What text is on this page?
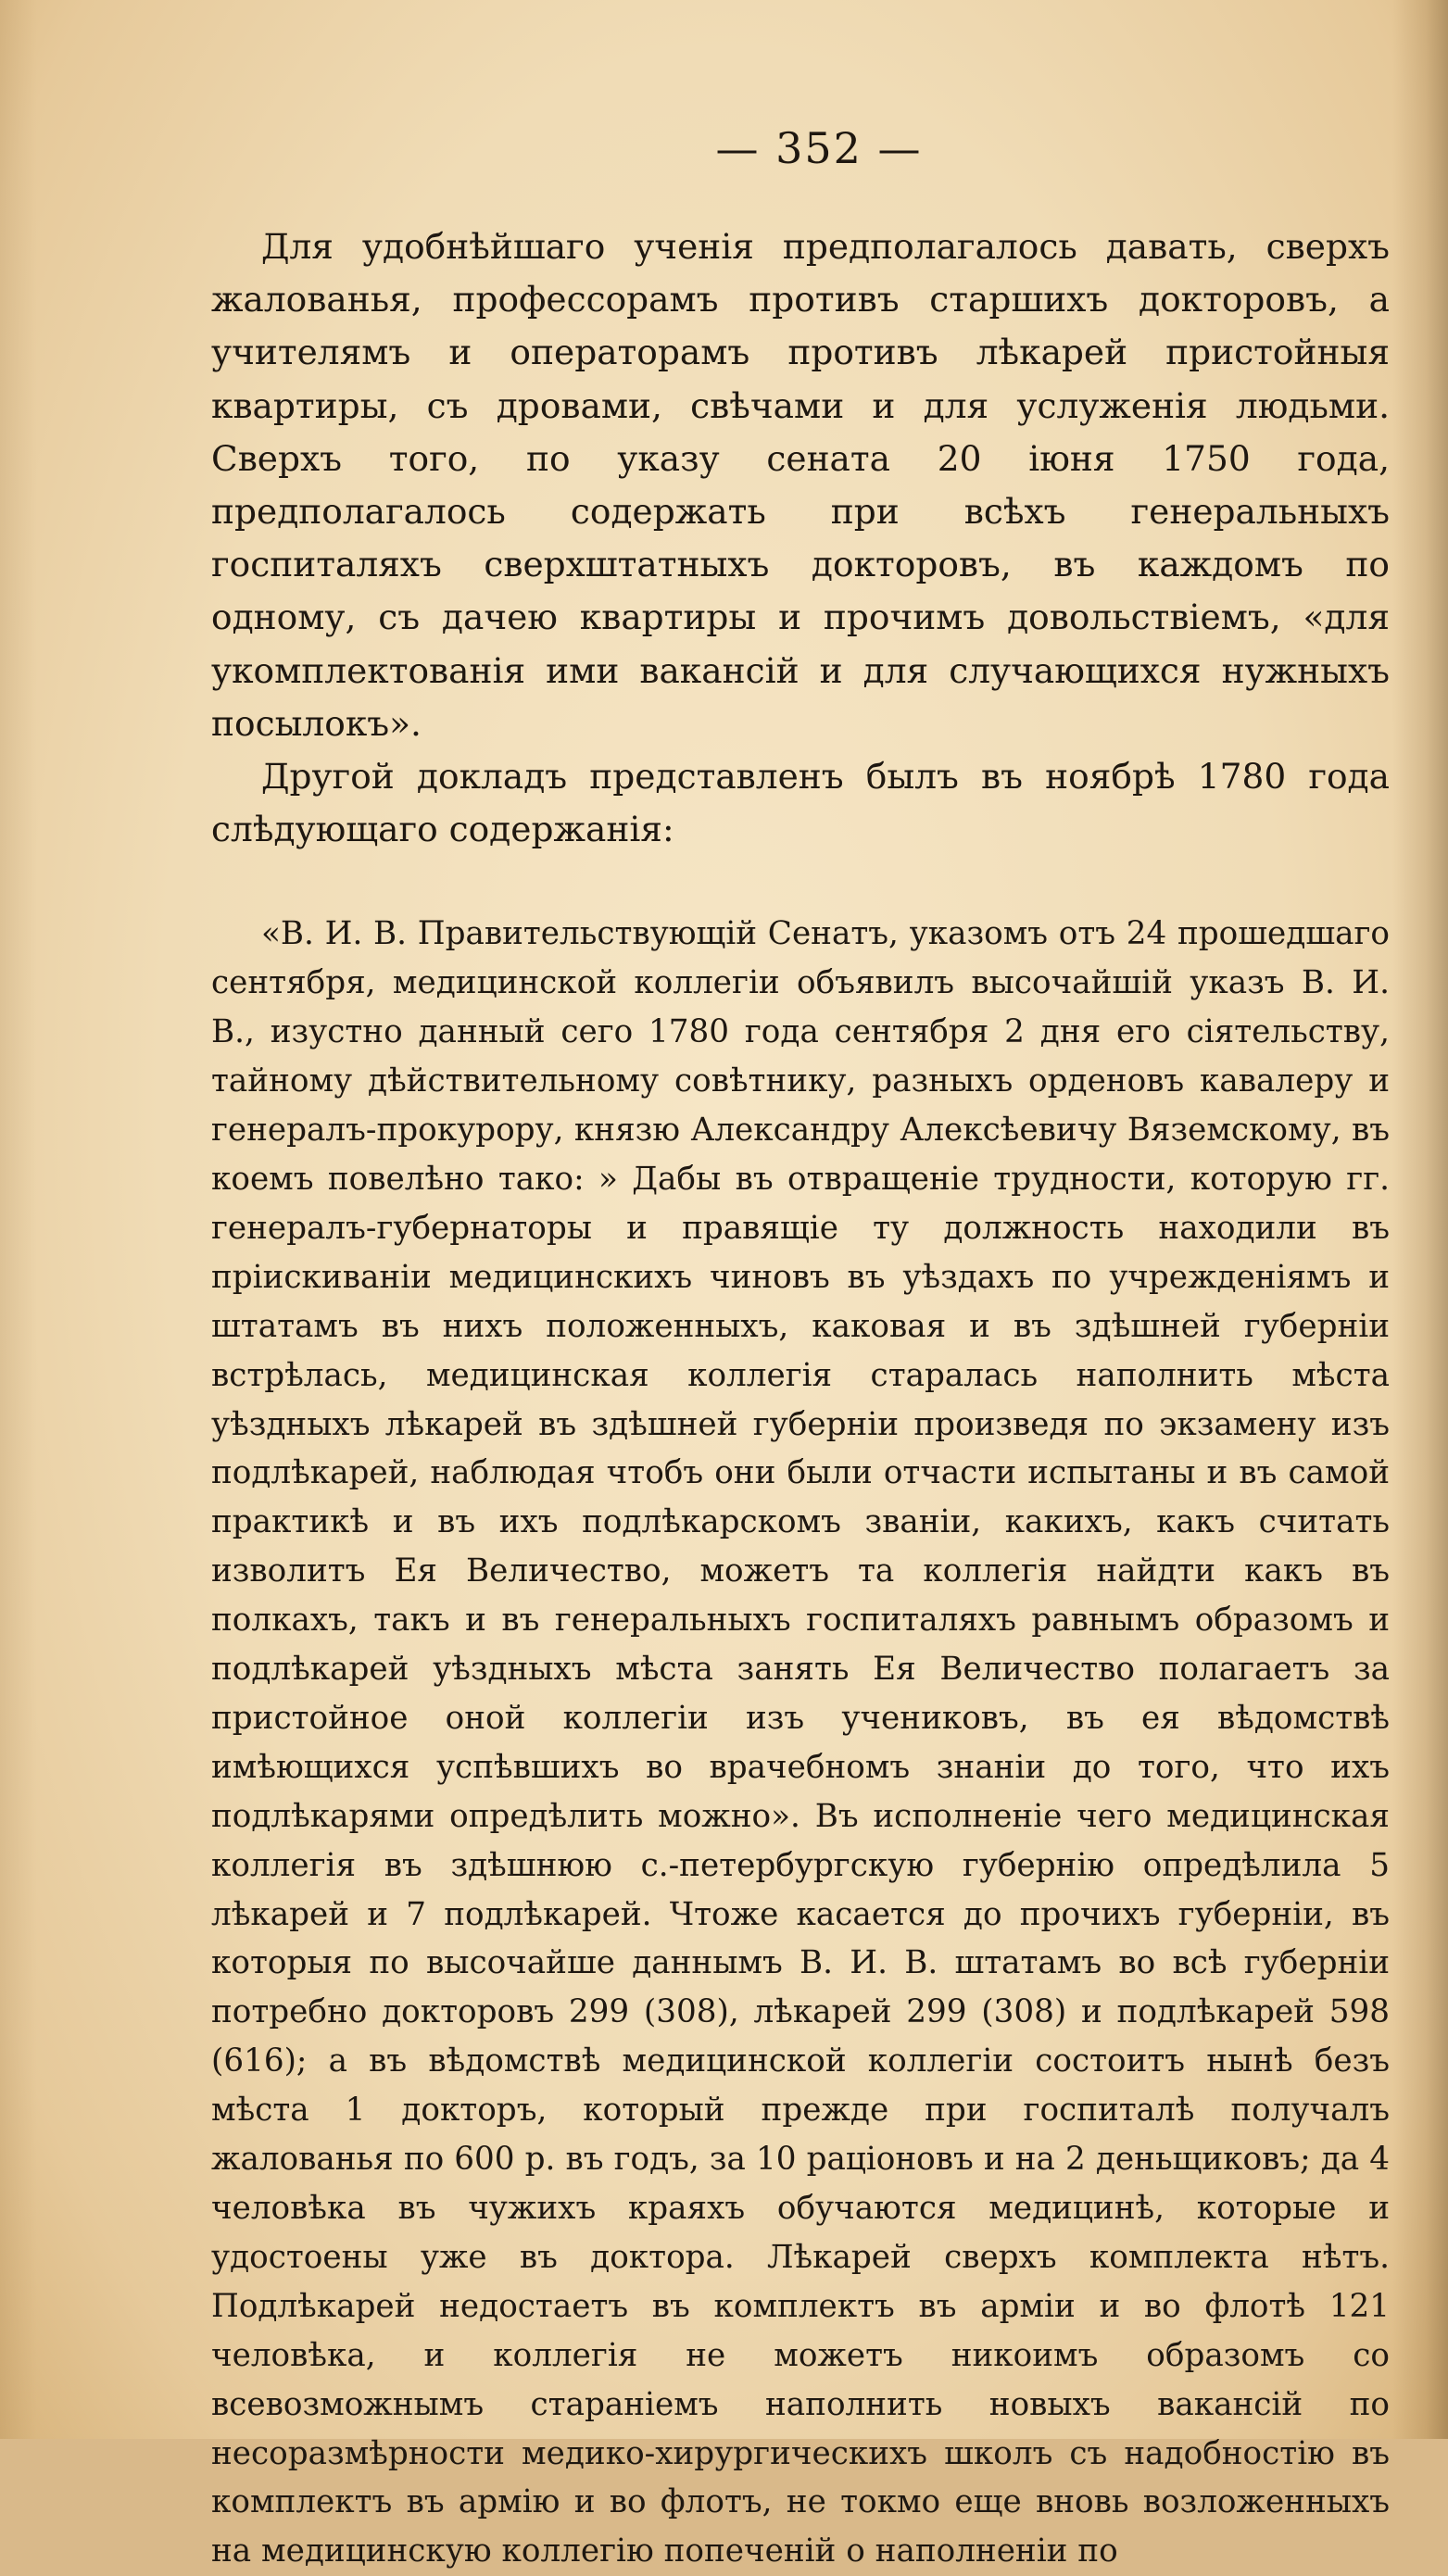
— 352 —

Для удобнѣйшаго ученія предполагалось давать, сверхъ жалованья, профессорамъ противъ старшихъ докторовъ, а учителямъ и операторамъ противъ лѣкарей пристойныя квартиры, съ дровами, свѣчами и для услуженія людьми. Сверхъ того, по указу сената 20 іюня 1750 года, предполагалось содержать при всѣхъ генеральныхъ госпиталяхъ сверхштатныхъ докторовъ, въ каждомъ по одному, съ дачею квартиры и прочимъ довольствіемъ, «для укомплектованія ими вакансій и для случающихся нужныхъ посылокъ».

Другой докладъ представленъ былъ въ ноябрѣ 1780 года слѣдующаго содержанія:

«В. И. В. Правительствующій Сенатъ, указомъ отъ 24 прошедшаго сентября, медицинской коллегіи объявилъ высочайшій указъ В. И. В., изустно данный сего 1780 года сентября 2 дня его сіятельству, тайному дѣйствительному совѣтнику, разныхъ орденовъ кавалеру и генералъ-прокурору, князю Александру Алексѣевичу Вяземскому, въ коемъ повелѣно тако: » Дабы въ отвращеніе трудности, которую гг. генералъ-губернаторы и правящіе ту должность находили въ пріискиваніи медицинскихъ чиновъ въ уѣздахъ по учрежденіямъ и штатамъ въ нихъ положенныхъ, каковая и въ здѣшней губерніи встрѣлась, медицинская коллегія старалась наполнить мѣста уѣздныхъ лѣкарей въ здѣшней губерніи произведя по экзамену изъ подлѣкарей, наблюдая чтобъ они были отчасти испытаны и въ самой практикѣ и въ ихъ подлѣкарскомъ званіи, какихъ, какъ считать изволитъ Ея Величество, можетъ та коллегія найдти какъ въ полкахъ, такъ и въ генеральныхъ госпиталяхъ равнымъ образомъ и подлѣкарей уѣздныхъ мѣста занять Ея Величество полагаетъ за пристойное оной коллегіи изъ учениковъ, въ ея вѣдомствѣ имѣющихся успѣвшихъ во врачебномъ знаніи до того, что ихъ подлѣкарями опредѣлить можно». Въ исполненіе чего медицинская коллегія въ здѣшнюю с.-петербургскую губернію опредѣлила 5 лѣкарей и 7 подлѣкарей. Чтоже касается до прочихъ губерніи, въ которыя по высочайше даннымъ В. И. В. штатамъ во всѣ губерніи потребно докторовъ 299 (308), лѣкарей 299 (308) и подлѣкарей 598 (616); а въ вѣдомствѣ медицинской коллегіи состоитъ нынѣ безъ мѣста 1 докторъ, который прежде при госпиталѣ получалъ жалованья по 600 р. въ годъ, за 10 раціоновъ и на 2 деньщиковъ; да 4 человѣка въ чужихъ краяхъ обучаются медицинѣ, которые и удостоены уже въ доктора. Лѣкарей сверхъ комплекта нѣтъ. Подлѣкарей недостаетъ въ комплектъ въ арміи и во флотѣ 121 человѣка, и коллегія не можетъ никоимъ образомъ со всевозможнымъ стараніемъ наполнить новыхъ вакансій по несоразмѣрности медико-хирургическихъ школъ съ надобностію въ комплектъ въ армію и во флотъ, не токмо еще вновь возложенныхъ на медицинскую коллегію попеченій о наполненіи по
